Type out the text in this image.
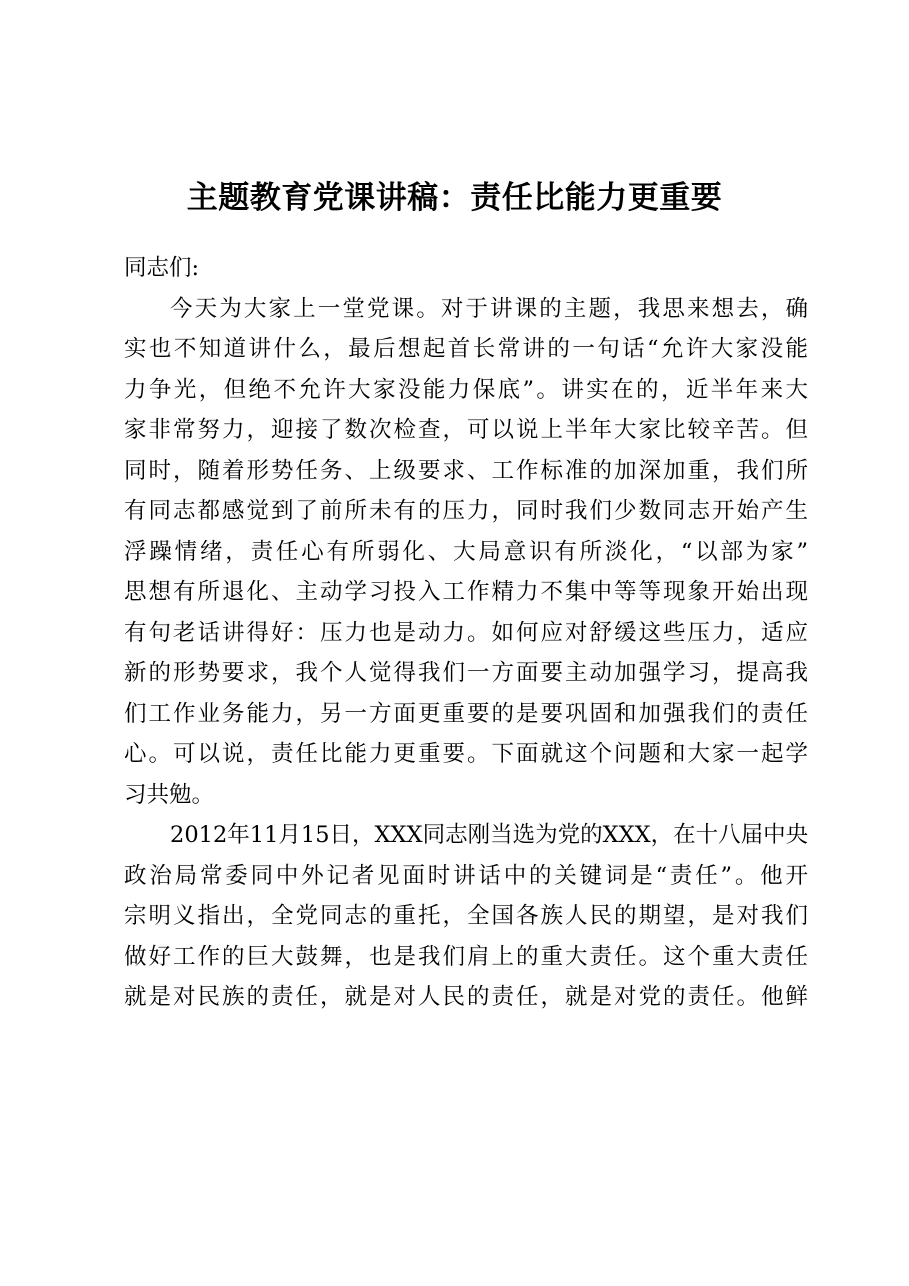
主题教育党课讲稿：责任比能力更重要

同志们:

今天为大家上一堂党课。对于讲课的主题，我思来想去，确
实也不知道讲什么，最后想起首长常讲的一句话“允许大家没能
力争光，但绝不允许大家没能力保底”。讲实在的，近半年来大
家非常努力，迎接了数次检查，可以说上半年大家比较辛苦。但
同时，随着形势任务、上级要求、工作标准的加深加重，我们所
有同志都感觉到了前所未有的压力，同时我们少数同志开始产生
浮躁情绪，责任心有所弱化、大局意识有所淡化，“以部为家”
思想有所退化、主动学习投入工作精力不集中等等现象开始出现
有句老话讲得好：压力也是动力。如何应对舒缓这些压力，适应
新的形势要求，我个人觉得我们一方面要主动加强学习，提高我
们工作业务能力，另一方面更重要的是要巩固和加强我们的责任
心。可以说，责任比能力更重要。下面就这个问题和大家一起学
习共勉。

2012年11月15日，XXX同志刚当选为党的XXX，在十八届中央
政治局常委同中外记者见面时讲话中的关键词是“责任”。他开
宗明义指出，全党同志的重托，全国各族人民的期望，是对我们
做好工作的巨大鼓舞，也是我们肩上的重大责任。这个重大责任
就是对民族的责任，就是对人民的责任，就是对党的责任。他鲜
